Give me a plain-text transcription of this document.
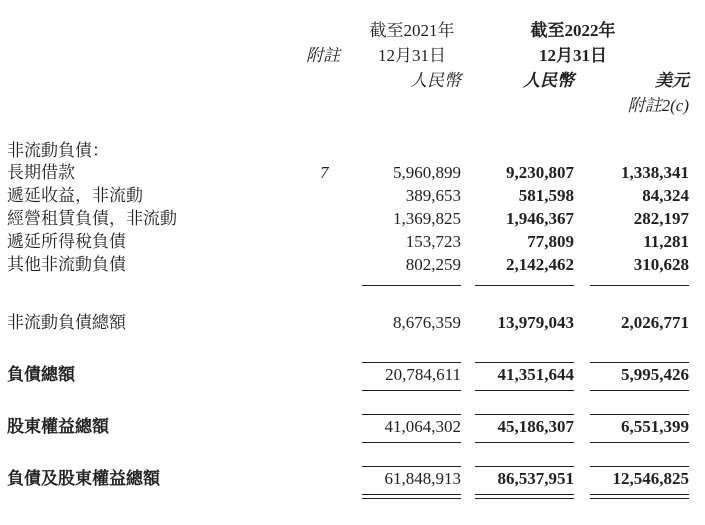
附註
截至2021年
12月31日
人民幣
截至2022年
12月31日
人民幣	美元
附註2(c)
非流動負債：
長期借款	7	5,960,899	9,230,807	1,338,341
遞延收益，非流動	389,653	581,598	84,324
經營租賃負債，非流動	1,369,825	1,946,367	282,197
遞延所得稅負債	153,723	77,809	11,281
其他非流動負債	802,259	2,142,462	310,628
非流動負債總額	8,676,359	13,979,043	2,026,771
負債總額	20,784,611	41,351,644	5,995,426
股東權益總額	41,064,302	45,186,307	6,551,399
負債及股東權益總額	61,848,913	86,537,951	12,546,825
